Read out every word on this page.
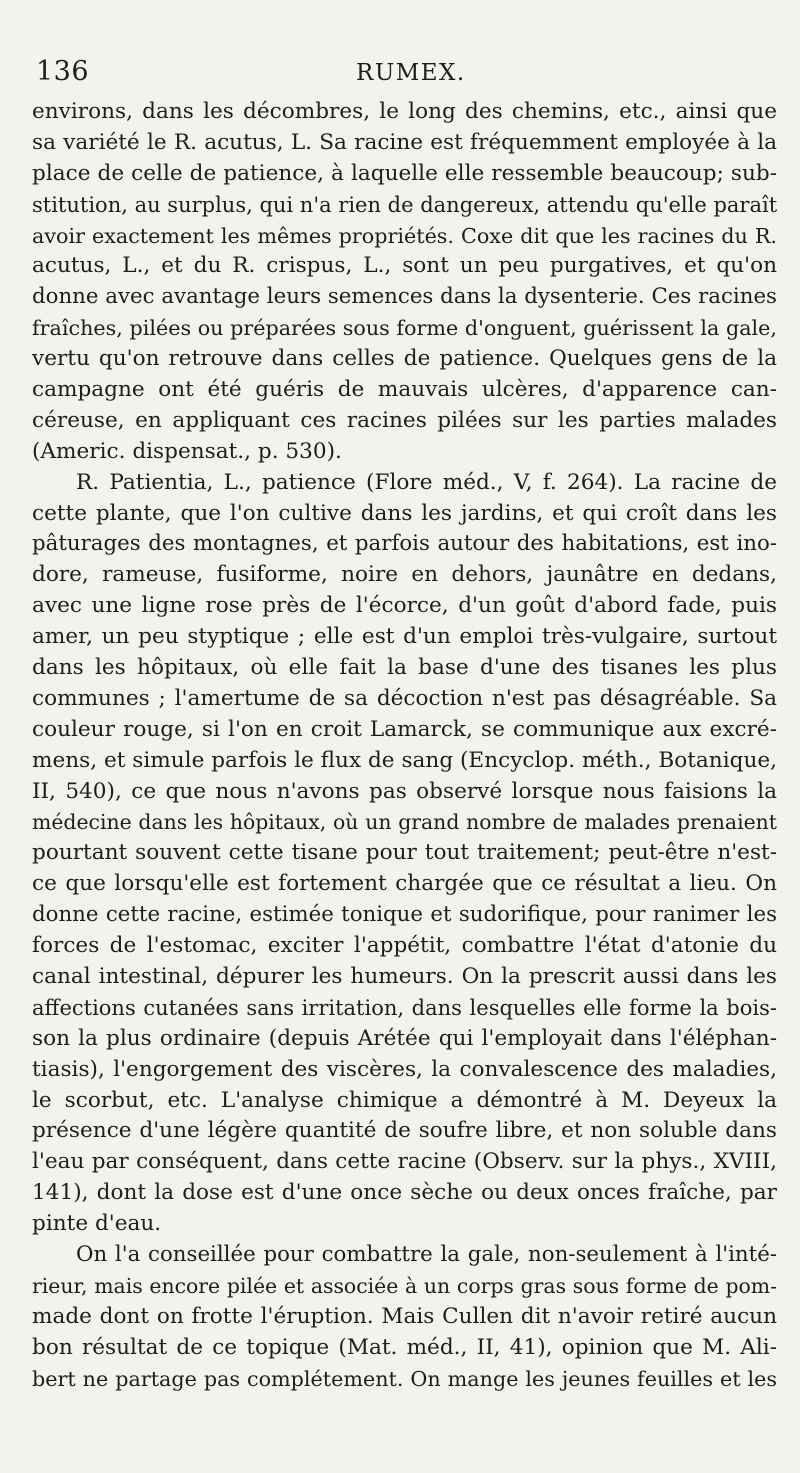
136	RUMEX.
environs, dans les décombres, le long des chemins, etc., ainsi que
sa variété le R. acutus, L. Sa racine est fréquemment employée à la
place de celle de patience, à laquelle elle ressemble beaucoup; sub-
stitution, au surplus, qui n'a rien de dangereux, attendu qu'elle paraît
avoir exactement les mêmes propriétés. Coxe dit que les racines du R.
acutus, L., et du R. crispus, L., sont un peu purgatives, et qu'on
donne avec avantage leurs semences dans la dysenterie. Ces racines
fraîches, pilées ou préparées sous forme d'onguent, guérissent la gale,
vertu qu'on retrouve dans celles de patience. Quelques gens de la
campagne ont été guéris de mauvais ulcères, d'apparence can-
céreuse, en appliquant ces racines pilées sur les parties malades
(Americ. dispensat., p. 530).
R. Patientia, L., patience (Flore méd., V, f. 264). La racine de
cette plante, que l'on cultive dans les jardins, et qui croît dans les
pâturages des montagnes, et parfois autour des habitations, est ino-
dore, rameuse, fusiforme, noire en dehors, jaunâtre en dedans,
avec une ligne rose près de l'écorce, d'un goût d'abord fade, puis
amer, un peu styptique ; elle est d'un emploi très-vulgaire, surtout
dans les hôpitaux, où elle fait la base d'une des tisanes les plus
communes ; l'amertume de sa décoction n'est pas désagréable. Sa
couleur rouge, si l'on en croit Lamarck, se communique aux excré-
mens, et simule parfois le flux de sang (Encyclop. méth., Botanique,
II, 540), ce que nous n'avons pas observé lorsque nous faisions la
médecine dans les hôpitaux, où un grand nombre de malades prenaient
pourtant souvent cette tisane pour tout traitement; peut-être n'est-
ce que lorsqu'elle est fortement chargée que ce résultat a lieu. On
donne cette racine, estimée tonique et sudorifique, pour ranimer les
forces de l'estomac, exciter l'appétit, combattre l'état d'atonie du
canal intestinal, dépurer les humeurs. On la prescrit aussi dans les
affections cutanées sans irritation, dans lesquelles elle forme la bois-
son la plus ordinaire (depuis Arétée qui l'employait dans l'éléphan-
tiasis), l'engorgement des viscères, la convalescence des maladies,
le scorbut, etc. L'analyse chimique a démontré à M. Deyeux la
présence d'une légère quantité de soufre libre, et non soluble dans
l'eau par conséquent, dans cette racine (Observ. sur la phys., XVIII,
141), dont la dose est d'une once sèche ou deux onces fraîche, par
pinte d'eau.
On l'a conseillée pour combattre la gale, non-seulement à l'inté-
rieur, mais encore pilée et associée à un corps gras sous forme de pom-
made dont on frotte l'éruption. Mais Cullen dit n'avoir retiré aucun
bon résultat de ce topique (Mat. méd., II, 41), opinion que M. Ali-
bert ne partage pas complétement. On mange les jeunes feuilles et les
